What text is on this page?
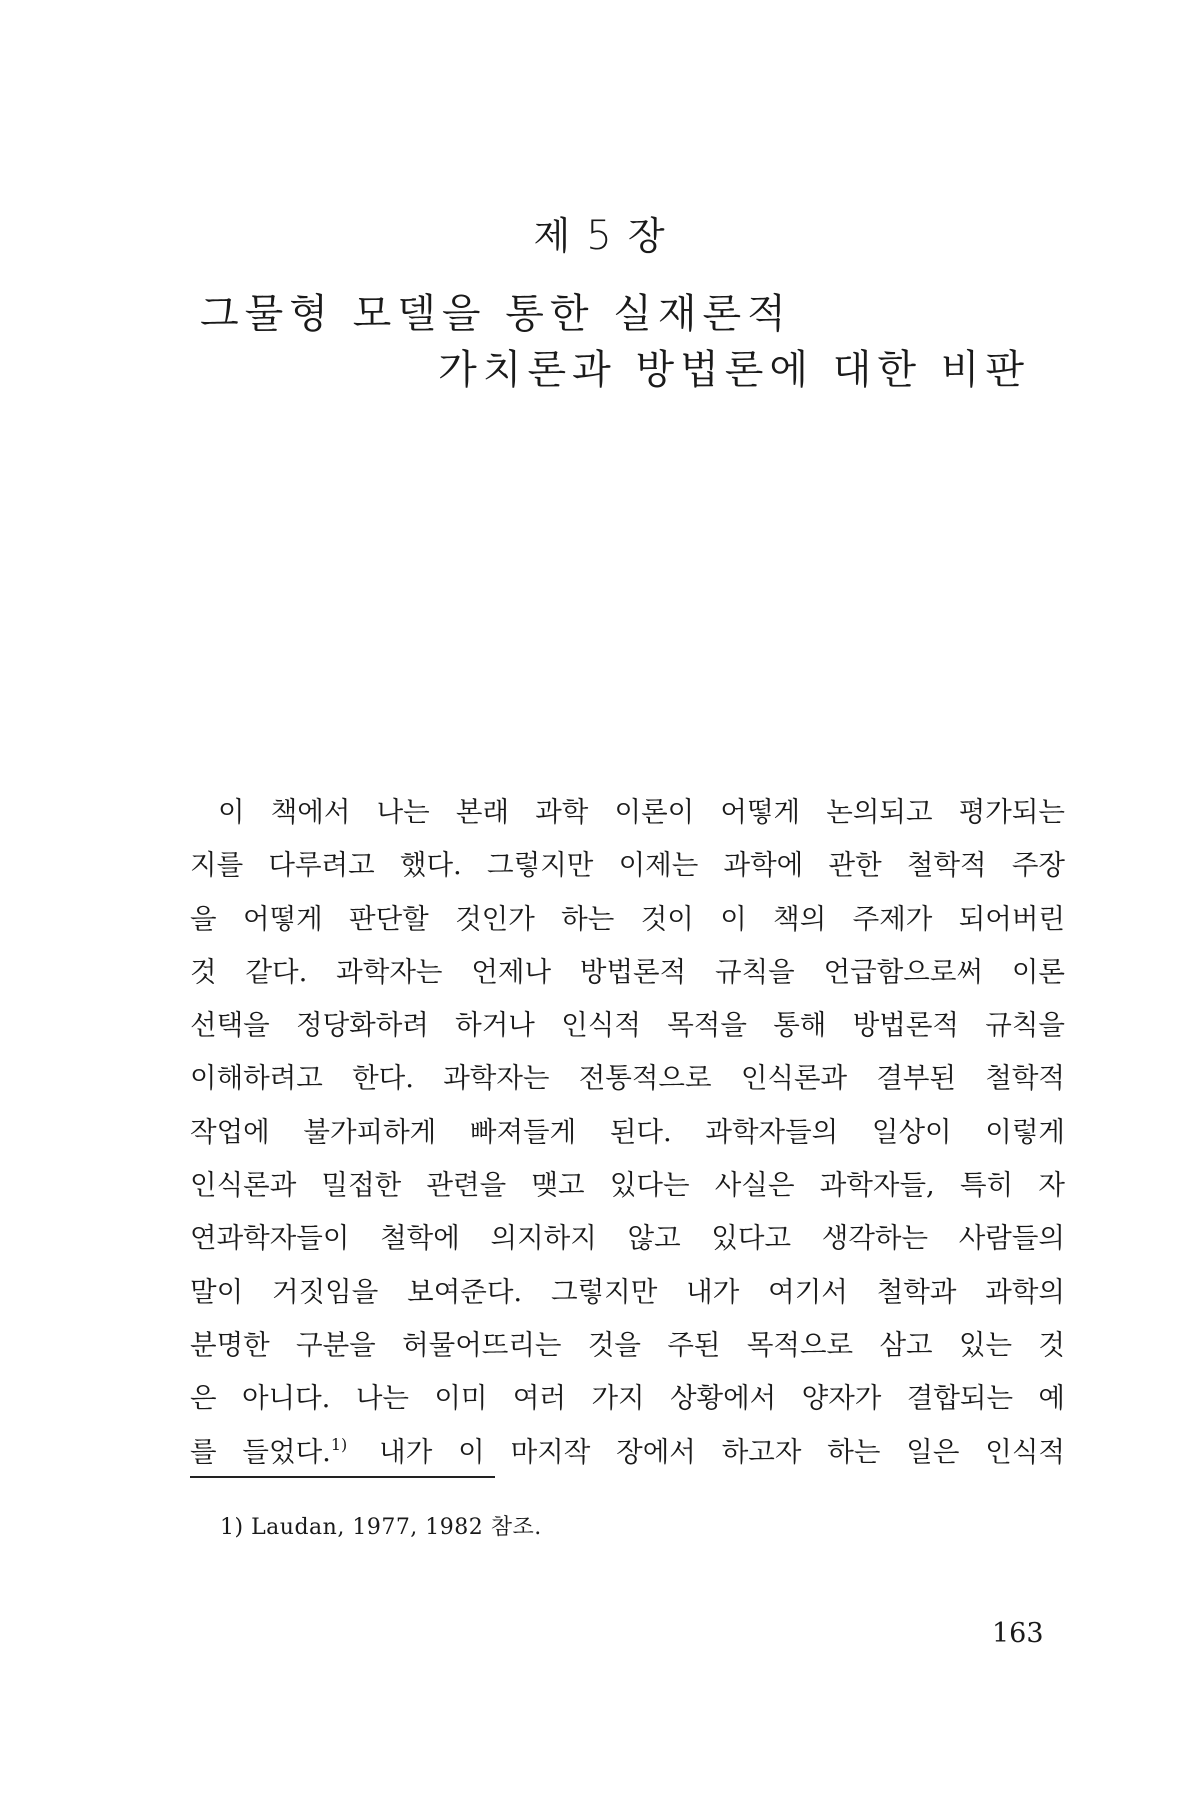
제 5 장
그물형 모델을 통한 실재론적
가치론과 방법론에 대한 비판
이 책에서 나는 본래 과학 이론이 어떻게 논의되고 평가되는
지를 다루려고 했다. 그렇지만 이제는 과학에 관한 철학적 주장
을 어떻게 판단할 것인가 하는 것이 이 책의 주제가 되어버린
것 같다. 과학자는 언제나 방법론적 규칙을 언급함으로써 이론
선택을 정당화하려 하거나 인식적 목적을 통해 방법론적 규칙을
이해하려고 한다. 과학자는 전통적으로 인식론과 결부된 철학적
작업에 불가피하게 빠져들게 된다. 과학자들의 일상이 이렇게
인식론과 밀접한 관련을 맺고 있다는 사실은 과학자들, 특히 자
연과학자들이 철학에 의지하지 않고 있다고 생각하는 사람들의
말이 거짓임을 보여준다. 그렇지만 내가 여기서 철학과 과학의
분명한 구분을 허물어뜨리는 것을 주된 목적으로 삼고 있는 것
은 아니다. 나는 이미 여러 가지 상황에서 양자가 결합되는 예
를 들었다.$^{1)}$ 내가 이 마지작 장에서 하고자 하는 일은 인식적
1) Laudan, 1977, 1982 참조.
163
